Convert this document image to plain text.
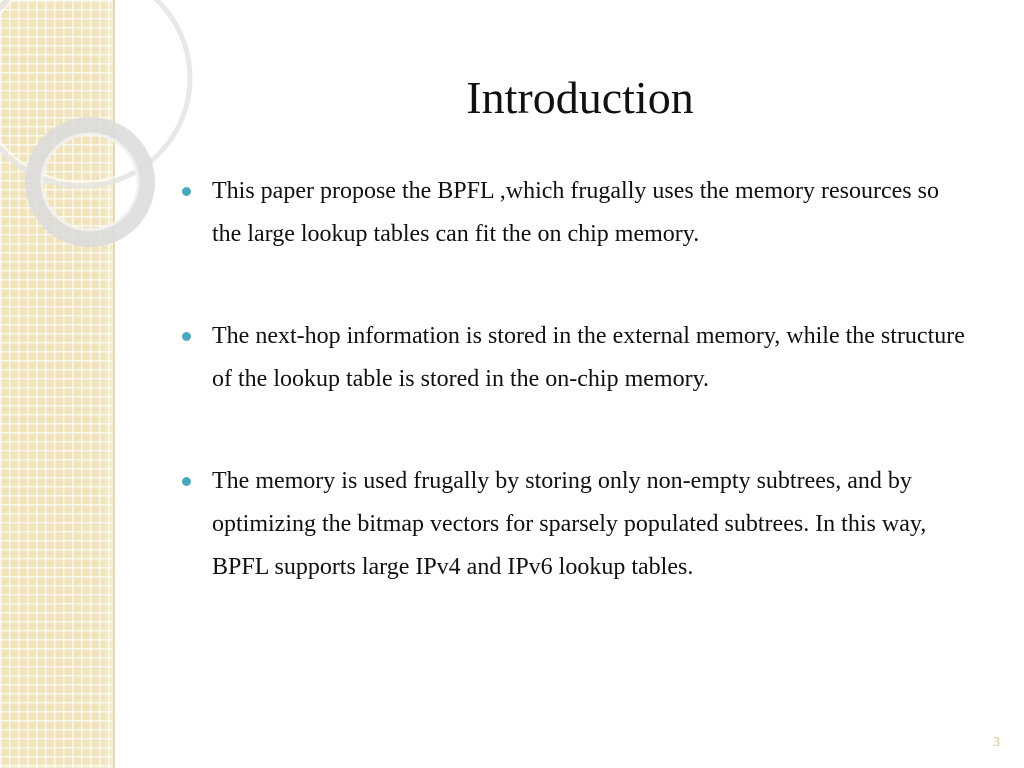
Introduction
This paper propose the BPFL ,which frugally uses the memory resources so the large lookup tables can fit the on chip memory.
The next-hop information is stored in the external memory, while the structure of the lookup table is stored in the on-chip memory.
The memory is used frugally by storing only non-empty subtrees, and by optimizing the bitmap vectors for sparsely populated subtrees. In this way, BPFL supports large IPv4 and IPv6 lookup tables.
3
